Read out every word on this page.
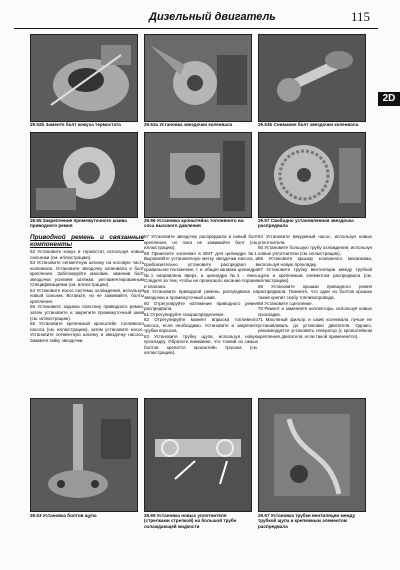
Дизельный двигатель	115
2D
29.52b Заменте болт кожуха термостата	29.53a Установка звездочки коленвала	29.53b Снимание болт звездочки коленвала
29.55 Закрепление промежуточного шкива приводного ремня
29.56 Установка кронштейна топливного на-соса высокого давления
29.57 Свободно установленная звездочка распредвала
Приводной ремень и связанные компоненты

52 Установите кожух и термостат, используя новые сальники (см. иллюстрацию).

53 Установите сегментную шпонку на носовую часть коленвала. Установите звездочку коленвала и болт крепления. Заблокируйте маховик, заменив болт звездочки усилием затяжки, регламентированным Спецификациями (см. иллюстрацию).

54 Установите насос системы охлаждения, используя новый сальник. Вставьте, но не зажимайте, болты крепления.

55 Установите заднюю пластину приводного ремня, затем установите и закрепите промежуточный шкив (см. иллюстрацию).

56 Установите крепежный кронштейн топливного насоса (см. иллюстрацию), затем установите насос. Установите сегментную шпонку и звездочку насоса. Зажмите гайку звездочки.

57 Установите звездочку распредвала и новый болт крепления, но пока не зажимайте болт (см. иллюстрацию).

58 Принесите коленвал в ВМТ для цилиндра №1. Выровняйте установочную метку звездочки насоса, и приблизительно установите распредвал в правильное положение, т. е. общая канавка цилиндра №1 направлена вверх, а цилиндра №4 - вниз. Следите за тем, чтобы не произошло касание поршня и клапана.

59 Установите приводной ремень распредвала на звездочки и промежуточный шкив.

60 Отрегулируйте натяжение приводного ремня распредвала.

61 Отрегулируйте газораспределение.

62 Отрегулируйте момент впрыска топливного насоса, если необходимо. Установите и закрепите трубки впрыска.

63 Установите трубку щупа, используя новую прокладку. Обратите внимание, что тонкий из самых болтов крепится кронштейн тросика (см. иллюстрацию).

64 Установите вакуумный насос, используя новые уплотнители.

65 Установите большую трубу охлаждения, используя новые уплотнители (см. иллюстрацию).

66 Установите крышку клапанного механизма, используя новую прокладку.

67 Установите трубку вентиляции между трубкой щупа и крепежным элементом распредвала (см. иллюстрацию).

68 Установите крышки приводного ремня распредвала. Помните, что один из болтов крышки также крепит скобу топливопровода.

69 Установите сцепление.

70 Ремонт и заменяете коллекторы, используя новые прокладки.

71 Масляный фильтр и шкив коленвала лучше не устанавливать до установки двигателя. Однако, рекомендуется установить генератор (с кронштейном крепления двигателя, если такой применяется).

29.63 Установка болтов щупа	29.65 Установка новых уплотнителя (стрелками стрелкой) на большой трубе охлаждающей жидкости
29.67 Установка трубки вентиляции между трубкой щупа и крепежным элементом распредвала
